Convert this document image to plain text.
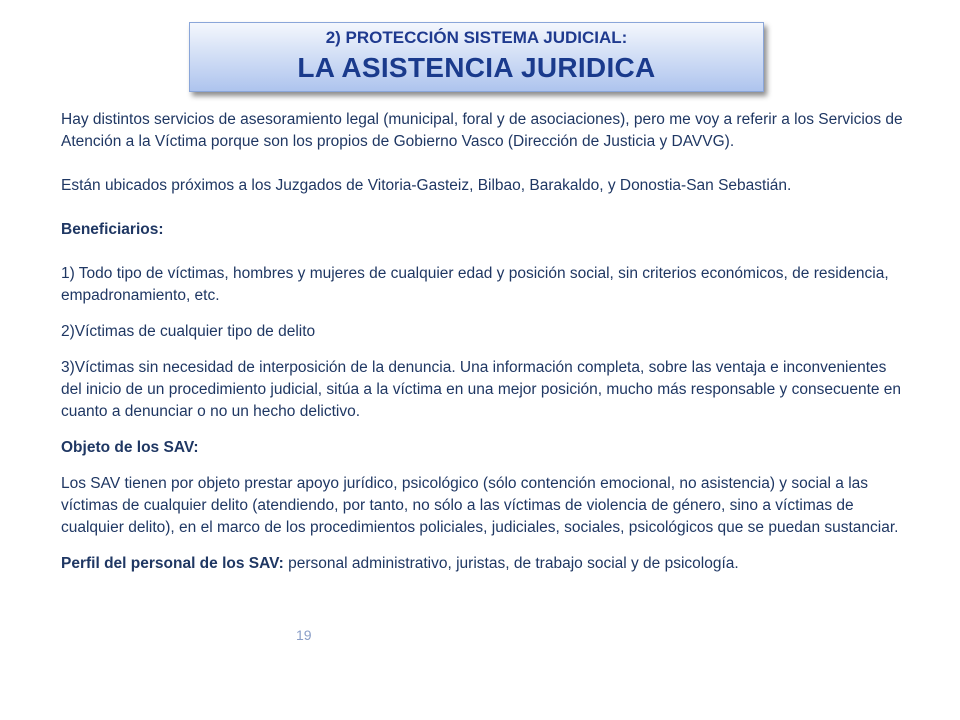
2) PROTECCIÓN SISTEMA JUDICIAL:
LA ASISTENCIA JURIDICA

Hay distintos servicios de asesoramiento legal (municipal, foral y de asociaciones), pero me voy a referir a los Servicios de Atención a la Víctima porque son los propios de Gobierno Vasco (Dirección de Justicia y DAVVG).

Están ubicados próximos a los Juzgados de Vitoria-Gasteiz, Bilbao, Barakaldo, y Donostia-San Sebastián.

Beneficiarios:

1) Todo tipo de víctimas, hombres y mujeres de cualquier edad y posición social, sin criterios económicos, de residencia, empadronamiento, etc.

2)Víctimas de cualquier tipo de delito

3)Víctimas sin necesidad de interposición de la denuncia. Una información completa, sobre las ventaja e inconvenientes del inicio de un procedimiento judicial, sitúa a la víctima en una mejor posición, mucho más responsable y consecuente en cuanto a denunciar o no un hecho delictivo.

Objeto de los SAV:

Los SAV tienen por objeto prestar apoyo jurídico, psicológico (sólo contención emocional, no asistencia) y social a las víctimas de cualquier delito (atendiendo, por tanto, no sólo a las víctimas de violencia de género, sino a víctimas de cualquier delito), en el marco de los procedimientos policiales, judiciales, sociales, psicológicos que se puedan sustanciar.

Perfil del personal de los SAV: personal administrativo, juristas, de trabajo social y de psicología.

19
